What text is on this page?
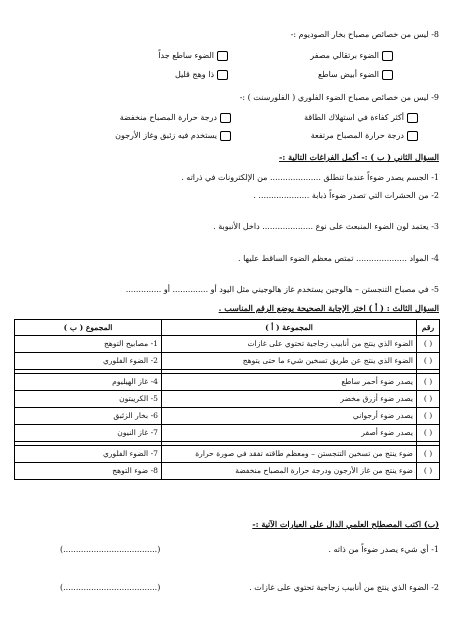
8- ليس من خصائص مصباح بخار الصوديوم :-
الضوء برتقالي مصفر
الضوء ساطع جداً
الضوء أبيض ساطع
ذا وهج قليل
9- ليس من خصائص مصباح الضوء الفلوري ( الفلورسنت ) :-
أكثر كفاءة في استهلاك الطاقة
درجة حرارة المصباح منخفضة
درجة حرارة المصباح مرتفعة
يستخدم فيه زئبق وغاز الأرجون
السؤال الثاني ( ب ) :- أكمل الفراغات التالية :-
1- الجسم يصدر ضوءاً عندما تنطلق .................... من الإلكترونات في ذراته .
2- من الحشرات التي تصدر ضوءاً ذبابة .................... .
3- يعتمد لون الضوء المنبعث على نوع .................... داخل الأنبوبة .
4- المواد .................... تمتص معظم الضوء الساقط عليها .
5- في مصباح التنجستن – هالوجين يستخدم غاز هالوجيني مثل اليود أو .............. أو ..............
السؤال الثالث : ( أ ) اختر الإجابة الصحيحة بوضع الرقم المناسب .
رقم	المجموعة ( أ )	المجموع ( ب )
( )	الضوء الذي ينتج من أنابيب زجاجية تحتوي على غازات	1- مصابيح التوهج
( )	الضوء الذي ينتج عن طريق تسخين شيء ما حتى يتوهج	2- الضوء الفلوري

( )	يصدر ضوء أحمر ساطع	4- غاز الهيليوم
( )	يصدر ضوء أزرق مخضر	5- الكريبتون
( )	يصدر ضوء أرجواني	6- بخار الزئبق
( )	يصدر ضوء أصفر	7- غاز النيون

( )	ضوء ينتج من تسخين التنجستن – ومعظم طاقته تفقد في صورة حرارة	7- الضوء الفلوري
( )	ضوء ينتج من غاز الأرجون ودرجة حرارة المصباح منخفضة	8- ضوء التوهج
(ب) اكتب المصطلح العلمي الدال على العبارات الآتية :-
1- أي شيء يصدر ضوءاً من ذاته .
(.....................................)
2- الضوء الذي ينتج من أنابيب زجاجية تحتوي على غازات .
(.....................................)
